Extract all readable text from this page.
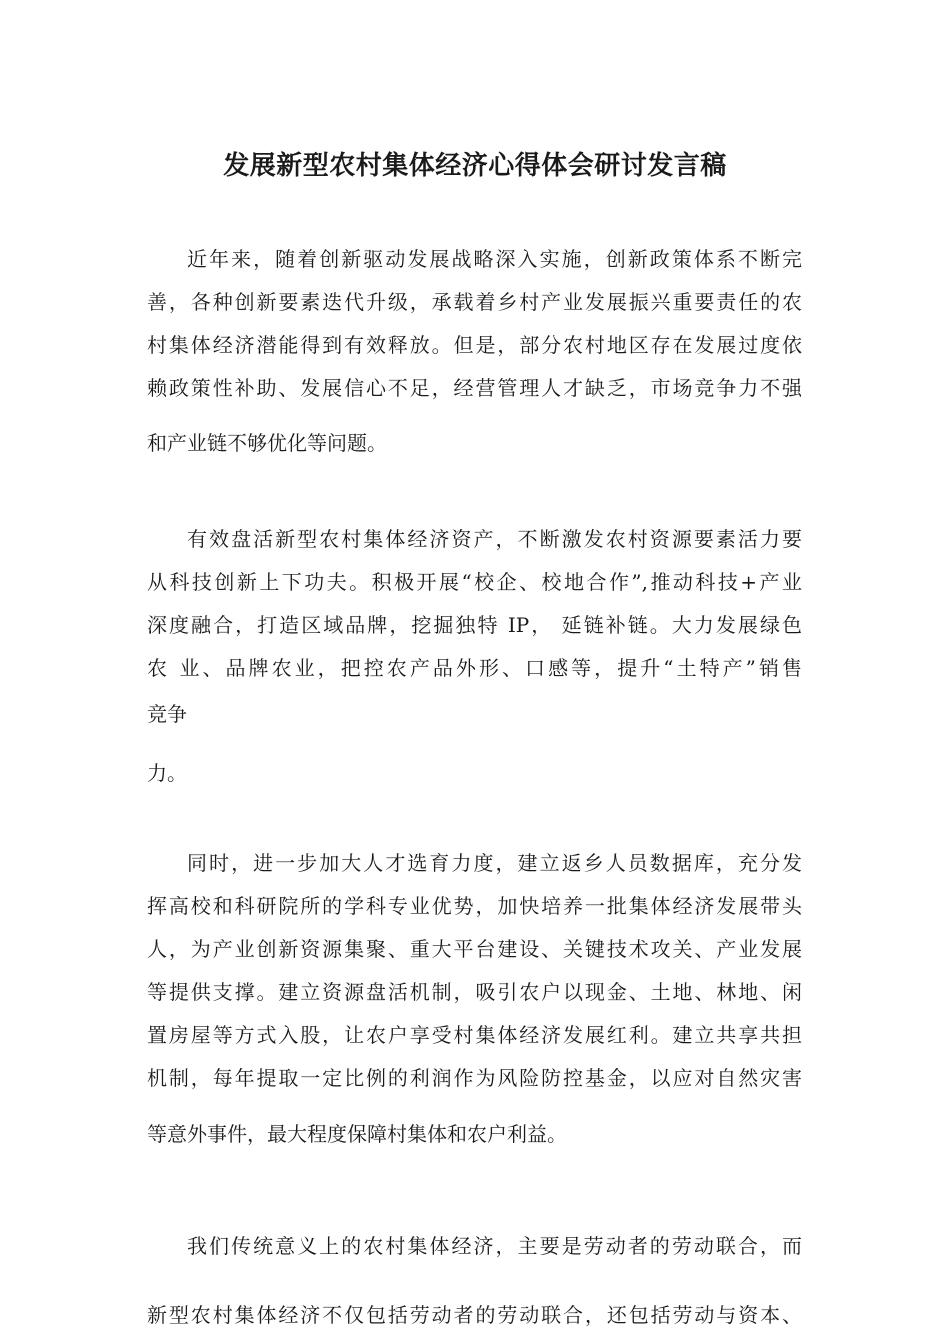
发展新型农村集体经济心得体会研讨发言稿
近年来，随着创新驱动发展战略深入实施，创新政策体系不断完
善，各种创新要素迭代升级，承载着乡村产业发展振兴重要责任的农
村集体经济潜能得到有效释放。但是，部分农村地区存在发展过度依
赖政策性补助、发展信心不足，经营管理人才缺乏，市场竞争力不强
和产业链不够优化等问题。
有效盘活新型农村集体经济资产，不断激发农村资源要素活力要
从科技创新上下功夫。积极开展“校企、校地合作”,推动科技+产业
深度融合，打造区域品牌，挖掘独特 IP， 延链补链。大力发展绿色
农 业、品牌农业，把控农产品外形、口感等，提升“土特产”销售
竞争
力。
同时，进一步加大人才选育力度，建立返乡人员数据库，充分发
挥高校和科研院所的学科专业优势，加快培养一批集体经济发展带头
人，为产业创新资源集聚、重大平台建设、关键技术攻关、产业发展
等提供支撑。建立资源盘活机制，吸引农户以现金、土地、林地、闲
置房屋等方式入股，让农户享受村集体经济发展红利。建立共享共担
机制，每年提取一定比例的利润作为风险防控基金，以应对自然灾害
等意外事件，最大程度保障村集体和农户利益。
我们传统意义上的农村集体经济，主要是劳动者的劳动联合，而
新型农村集体经济不仅包括劳动者的劳动联合，还包括劳动与资本、
